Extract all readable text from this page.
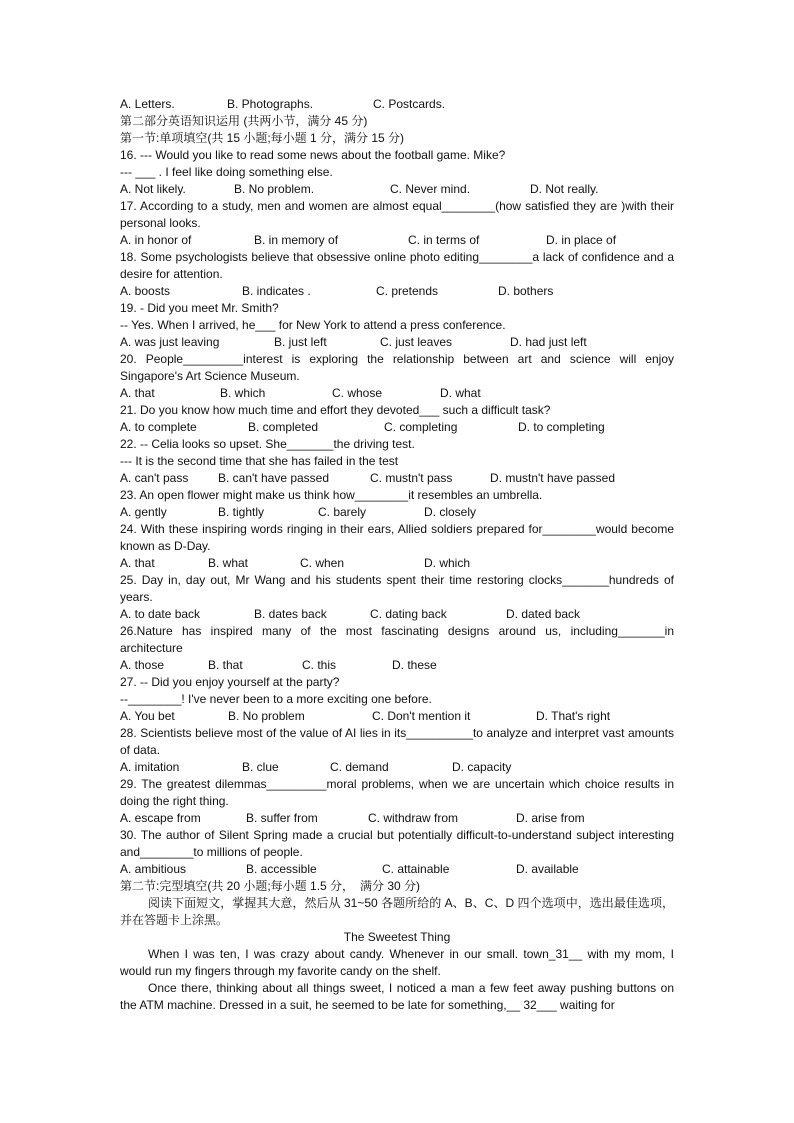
A. Letters.	B. Photographs.	C. Postcards.
第二部分英语知识运用 (共两小节，满分 45 分)
第一节:单项填空(共 15 小题;每小题 1 分，满分 15 分)
16. --- Would you like to read some news about the football game. Mike?
--- ___ . I feel like doing something else.
A. Not likely.	B. No problem.	C. Never mind.	D. Not really.
17. According to a study, men and women are almost equal________(how satisfied they are )with their personal looks.
A. in honor of	B. in memory of	C. in terms of	D. in place of
18. Some psychologists believe that obsessive online photo editing________a lack of confidence and a desire for attention.
A. boosts	B. indicates .	C. pretends	D. bothers
19. - Did you meet Mr. Smith?
-- Yes. When I arrived, he___ for New York to attend a press conference.
A. was just leaving	B. just left	C. just leaves	D. had just left
20. People_________interest is exploring the relationship between art and science will enjoy Singapore's Art Science Museum.
A. that	B. which	C. whose	D. what
21. Do you know how much time and effort they devoted___ such a difficult task?
A. to complete	B. completed	C. completing	D. to completing
22. -- Celia looks so upset. She_______the driving test.
--- It is the second time that she has failed in the test
A. can't pass	B. can't have passed	C. mustn't pass	D. mustn't have passed
23. An open flower might make us think how________it resembles an umbrella.
A. gently	B. tightly	C. barely	D. closely
24. With these inspiring words ringing in their ears, Allied soldiers prepared for________would become known as D-Day.
A. that	B. what	C. when	D. which
25. Day in, day out, Mr Wang and his students spent their time restoring clocks_______hundreds of years.
A. to date back	B. dates back	C. dating back	D. dated back
26.Nature has inspired many of the most fascinating designs around us, including_______in architecture
A. those	B. that	C. this	D. these
27. -- Did you enjoy yourself at the party?
--________! I've never been to a more exciting one before.
A. You bet	B. No problem	C. Don't mention it	D. That's right
28. Scientists believe most of the value of AI lies in its__________to analyze and interpret vast amounts of data.
A. imitation	B. clue	C. demand	D. capacity
29. The greatest dilemmas_________moral problems, when we are uncertain which choice results in doing the right thing.
A. escape from	B. suffer from	C. withdraw from	D. arise from
30. The author of Silent Spring made a crucial but potentially difficult-to-understand subject interesting and________to millions of people.
A. ambitious	B. accessible	C. attainable	D. available
第二节:完型填空(共 20 小题;每小题 1.5 分，　满分 30 分)
阅读下面短文，掌握其大意，然后从 31~50 各题所给的 A、B、C、D 四个选项中，选出最佳选项，并在答题卡上涂黑。
The Sweetest Thing
When I was ten, I was crazy about candy. Whenever in our small. town_31__ with my mom, I would run my fingers through my favorite candy on the shelf.
Once there, thinking about all things sweet, I noticed a man a few feet away pushing buttons on the ATM machine. Dressed in a suit, he seemed to be late for something,__ 32___ waiting for
